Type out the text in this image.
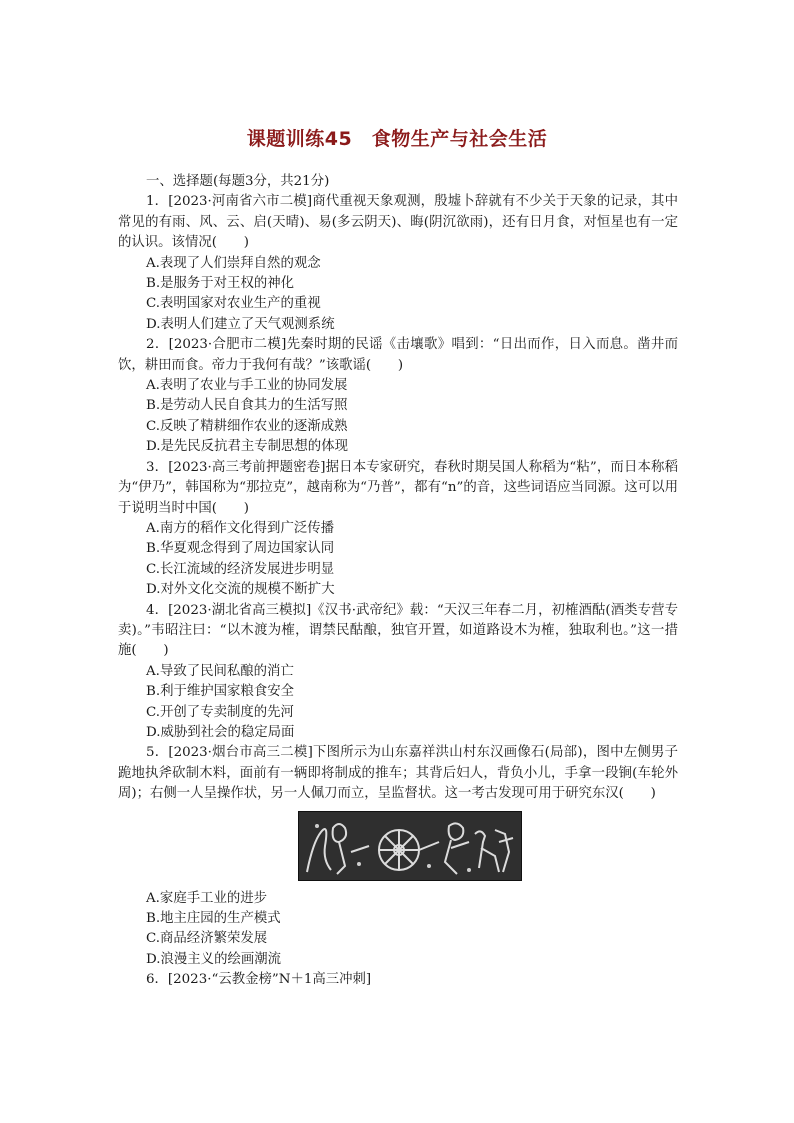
课题训练45　食物生产与社会生活
一、选择题(每题3分，共21分)
1．[2023·河南省六市二模]商代重视天象观测，殷墟卜辞就有不少关于天象的记录，其中常见的有雨、风、云、启(天晴)、易(多云阴天)、晦(阴沉欲雨)，还有日月食，对恒星也有一定的认识。该情况(　　)
A.表现了人们崇拜自然的观念
B.是服务于对王权的神化
C.表明国家对农业生产的重视
D.表明人们建立了天气观测系统
2．[2023·合肥市二模]先秦时期的民谣《击壤歌》唱到：“日出而作，日入而息。凿井而饮，耕田而食。帝力于我何有哉？”该歌谣(　　)
A.表明了农业与手工业的协同发展
B.是劳动人民自食其力的生活写照
C.反映了精耕细作农业的逐渐成熟
D.是先民反抗君主专制思想的体现
3．[2023·高三考前押题密卷]据日本专家研究，春秋时期吴国人称稻为“粘”，而日本称稻为“伊乃”，韩国称为“那拉克”，越南称为“乃普”，都有“n”的音，这些词语应当同源。这可以用于说明当时中国(　　)
A.南方的稻作文化得到广泛传播
B.华夏观念得到了周边国家认同
C.长江流域的经济发展进步明显
D.对外文化交流的规模不断扩大
4．[2023·湖北省高三模拟]《汉书·武帝纪》载：“天汉三年春二月，初榷酒酤(酒类专营专卖)。”韦昭注曰：“以木渡为榷，谓禁民酤酿，独官开置，如道路设木为榷，独取利也。”这一措施(　　)
A.导致了民间私酿的消亡
B.利于维护国家粮食安全
C.开创了专卖制度的先河
D.威胁到社会的稳定局面
5．[2023·烟台市高三二模]下图所示为山东嘉祥洪山村东汉画像石(局部)，图中左侧男子跪地执斧砍制木料，面前有一辆即将制成的推车；其背后妇人，背负小儿，手拿一段锏(车轮外周)；右侧一人呈操作状，另一人佩刀而立，呈监督状。这一考古发现可用于研究东汉(　　)
A.家庭手工业的进步
B.地主庄园的生产模式
C.商品经济繁荣发展
D.浪漫主义的绘画潮流
6．[2023·“云教金榜”N＋1高三冲刺]
